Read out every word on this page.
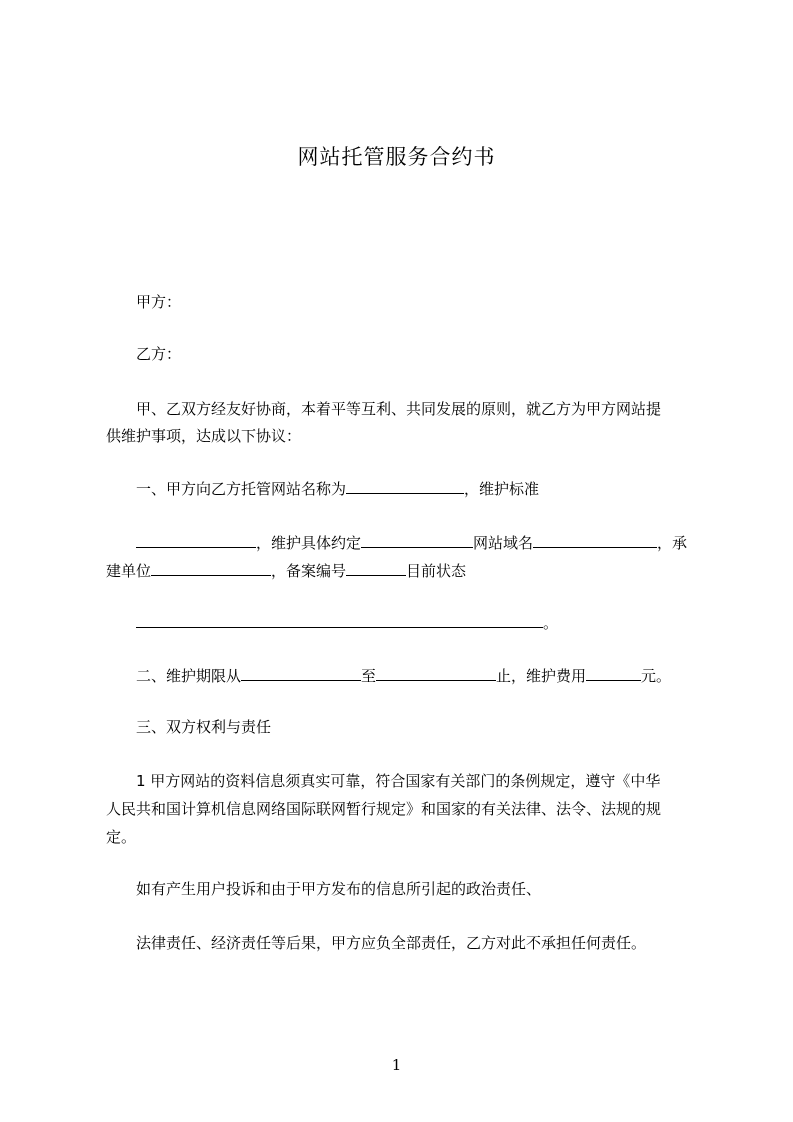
网站托管服务合约书
甲方：
乙方：
甲、乙双方经友好协商，本着平等互利、共同发展的原则，就乙方为甲方网站提
供维护事项，达成以下协议：
一、甲方向乙方托管网站名称为	，维护标准
，维护具体约定	网站域名	，承
建单位	，备案编号	目前状态
。
二、维护期限从	至	止，维护费用	元。
三、双方权利与责任
1 甲方网站的资料信息须真实可靠，符合国家有关部门的条例规定，遵守《中华
人民共和国计算机信息网络国际联网暂行规定》和国家的有关法律、法令、法规的规
定。
如有产生用户投诉和由于甲方发布的信息所引起的政治责任、
法律责任、经济责任等后果，甲方应负全部责任，乙方对此不承担任何责任。
1
